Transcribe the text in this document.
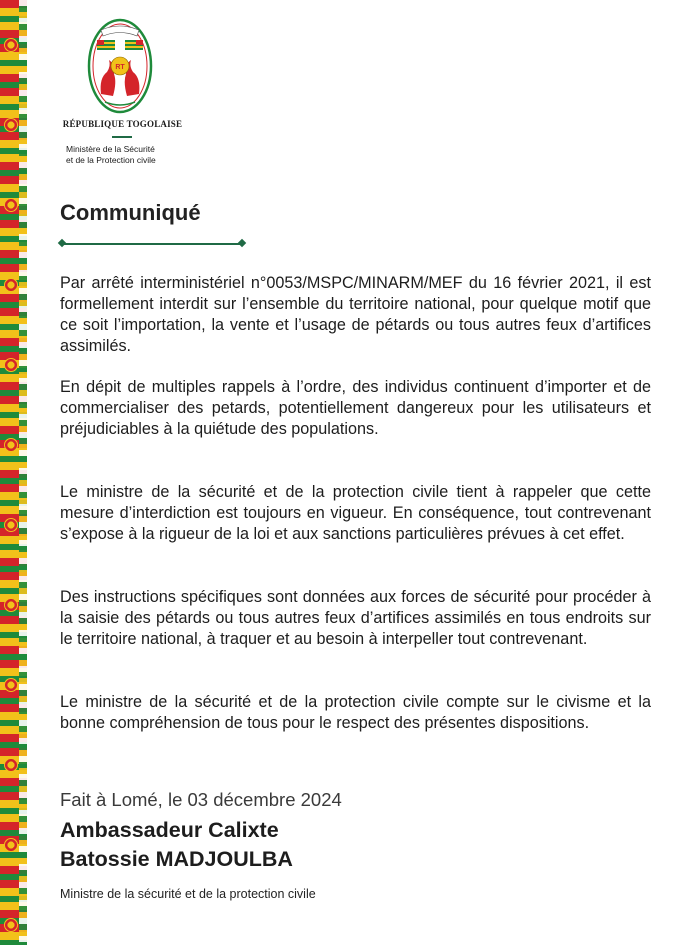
RT
RÉPUBLIQUE TOGOLAISE
Ministère de la Sécurité
et de la Protection civile
Communiqué

Par arrêté interministériel n°0053/MSPC/MINARM/MEF du 16 février 2021, il est formellement interdit sur l’ensemble du territoire national, pour quelque motif que ce soit l’importation, la vente et l’usage de pétards ou tous autres feux d’artifices assimilés.

En dépit de multiples rappels à l’ordre, des individus continuent d’importer et de commercialiser des petards, potentiellement dangereux pour les utilisateurs et préjudiciables à la quiétude des populations.

Le ministre de la sécurité et de la protection civile tient à rappeler que cette mesure d’interdiction est toujours en vigueur. En conséquence, tout contrevenant s’expose à la rigueur de la loi et aux sanctions particulières prévues à cet effet.

Des instructions spécifiques sont données aux forces de sécurité pour procéder à la saisie des pétards ou tous autres feux d’artifices assimilés en tous endroits sur le territoire national, à traquer et au besoin à interpeller tout contrevenant.

Le ministre de la sécurité et de la protection civile compte sur le civisme et la bonne compréhension de tous pour le respect des présentes dispositions.

Fait à Lomé, le 03 décembre 2024
Ambassadeur Calixte
Batossie MADJOULBA
Ministre de la sécurité et de la protection civile
